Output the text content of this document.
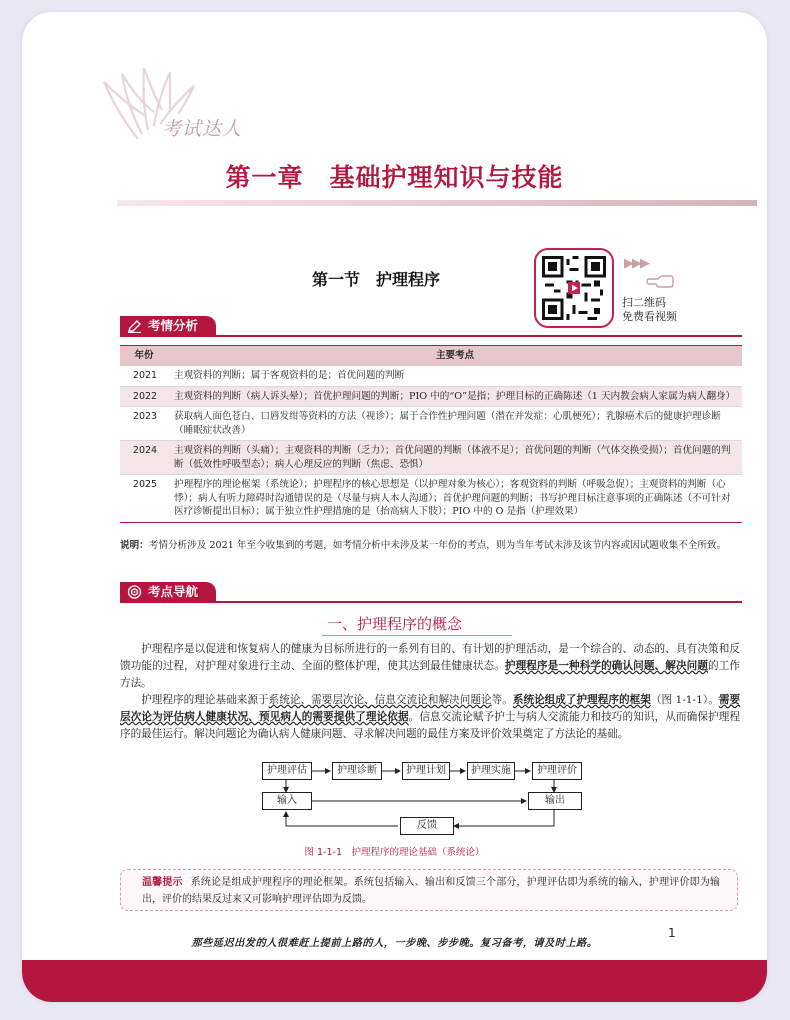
考试达人
第一章　基础护理知识与技能
第一节　护理程序
▶▶▶
扫二维码
免费看视频
考情分析
年份	主要考点
2021	主观资料的判断；属于客观资料的是；首优问题的判断
2022	主观资料的判断（病人诉头晕）；首优护理问题的判断；PIO 中的“O”是指；护理目标的正确陈述（1 天内教会病人家属为病人翻身）
2023	获取病人面色苍白、口唇发绀等资料的方法（视诊）；属于合作性护理问题（潜在并发症：心肌梗死）；乳腺癌术后的健康护理诊断（睡眠症状改善）
2024	主观资料的判断（头痛）；主观资料的判断（乏力）；首优问题的判断（体液不足）；首优问题的判断（气体交换受损）；首优问题的判断（低效性呼吸型态）；病人心理反应的判断（焦虑、恐惧）
2025	护理程序的理论框架（系统论）；护理程序的核心思想是（以护理对象为核心）；客观资料的判断（呼吸急促）；主观资料的判断（心悸）；病人有听力障碍时沟通错误的是（尽量与病人本人沟通）；首优护理问题的判断；书写护理目标注意事项的正确陈述（不可针对医疗诊断提出目标）；属于独立性护理措施的是（抬高病人下肢）；PIO 中的 O 是指（护理效果）
说明：考情分析涉及 2021 年至今收集到的考题，如考情分析中未涉及某一年份的考点，则为当年考试未涉及该节内容或因试题收集不全所致。
考点导航
一、护理程序的概念

护理程序是以促进和恢复病人的健康为目标所进行的一系列有目的、有计划的护理活动，是一个综合的、动态的、具有决策和反馈功能的过程，对护理对象进行主动、全面的整体护理，使其达到最佳健康状态。护理程序是一种科学的确认问题、解决问题的工作方法。

护理程序的理论基础来源于系统论、需要层次论、信息交流论和解决问题论等。系统论组成了护理程序的框架（图 1-1-1）。需要层次论为评估病人健康状况、预见病人的需要提供了理论依据。信息交流论赋予护士与病人交流能力和技巧的知识，从而确保护理程序的最佳运行。解决问题论为确认病人健康问题、寻求解决问题的最佳方案及评价效果奠定了方法论的基础。

护理评估	护理诊断	护理计划	护理实施	护理评价
输入	输出
反馈
图 1-1-1　护理程序的理论基础（系统论）
温馨提示 系统论是组成护理程序的理论框架。系统包括输入、输出和反馈三个部分，护理评估即为系统的输入，护理评价即为输出，评价的结果反过来又可影响护理评估即为反馈。
1
那些延迟出发的人很难赶上提前上路的人，一步晚、步步晚。复习备考，请及时上路。
